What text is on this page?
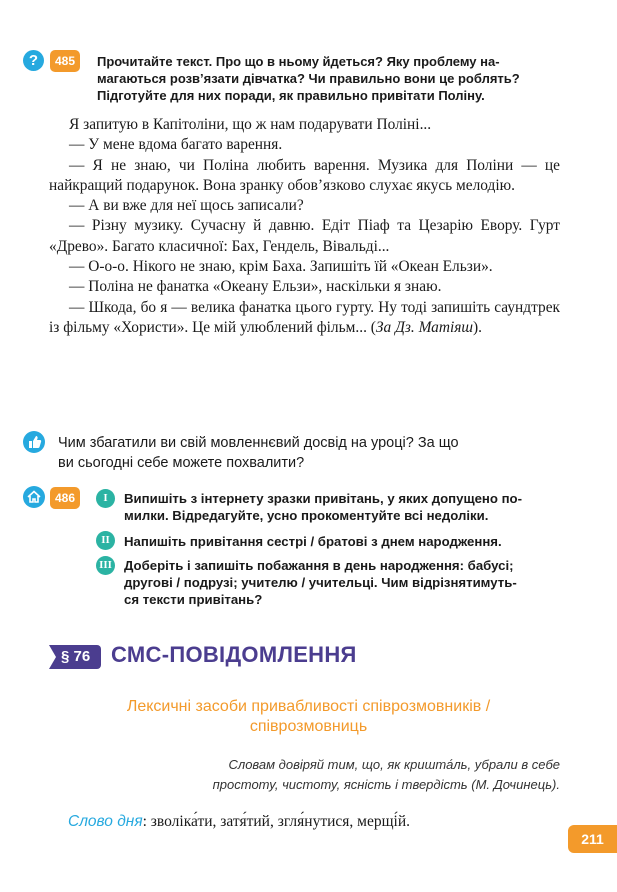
?	485	Прочитайте текст. Про що в ньому йдеться? Яку проблему на-
магаються розв’язати дівчатка? Чи правильно вони це роблять?
Підготуйте для них поради, як правильно привітати Поліну.

Я запитую в Капітоліни, що ж нам подарувати Поліні...

— У мене вдома багато варення.

— Я не знаю, чи Поліна любить варення. Музика для Поліни — це найкращий подарунок. Вона зранку обов’язково слухає якусь мелодію.

— А ви вже для неї щось записали?

— Різну музику. Сучасну й давню. Едіт Піаф та Цезарію Евору. Гурт «Древо». Багато класичної: Бах, Гендель, Вівальді...

— О-о-о. Нікого не знаю, крім Баха. Запишіть їй «Океан Ельзи».

— Поліна не фанатка «Океану Ельзи», наскільки я знаю.

— Шкода, бо я — велика фанатка цього гурту. Ну тоді запишіть саундтрек із фільму «Хористи». Це мій улюблений фільм... (За Дз. Матіяш).

Чим збагатили ви свій мовленнєвий досвід на уроці? За що
ви сьогодні себе можете похвалити?
486	I	Випишіть з інтернету зразки привітань, у яких допущено по-
милки. Відредагуйте, усно прокоментуйте всі недоліки.
II	Напишіть привітання сестрі / братові з днем народження.
III Доберіть і запишіть побажання в день народження: бабусі;
другові / подрузі; учителю / учительці. Чим відрізнятимуть-
ся тексти привітань?
§ 76 СМС-ПОВІДОМЛЕННЯ
Лексичні засоби привабливості співрозмовників /
співрозмовниць
Словам довіряй тим, що, як кришта́ль, убрали в себе
простоту, чистоту, ясність і твердість (М. Дочинець).
Слово дня: зволіка́ти, затя́тий, згля́нутися, мерщі́й.
211
